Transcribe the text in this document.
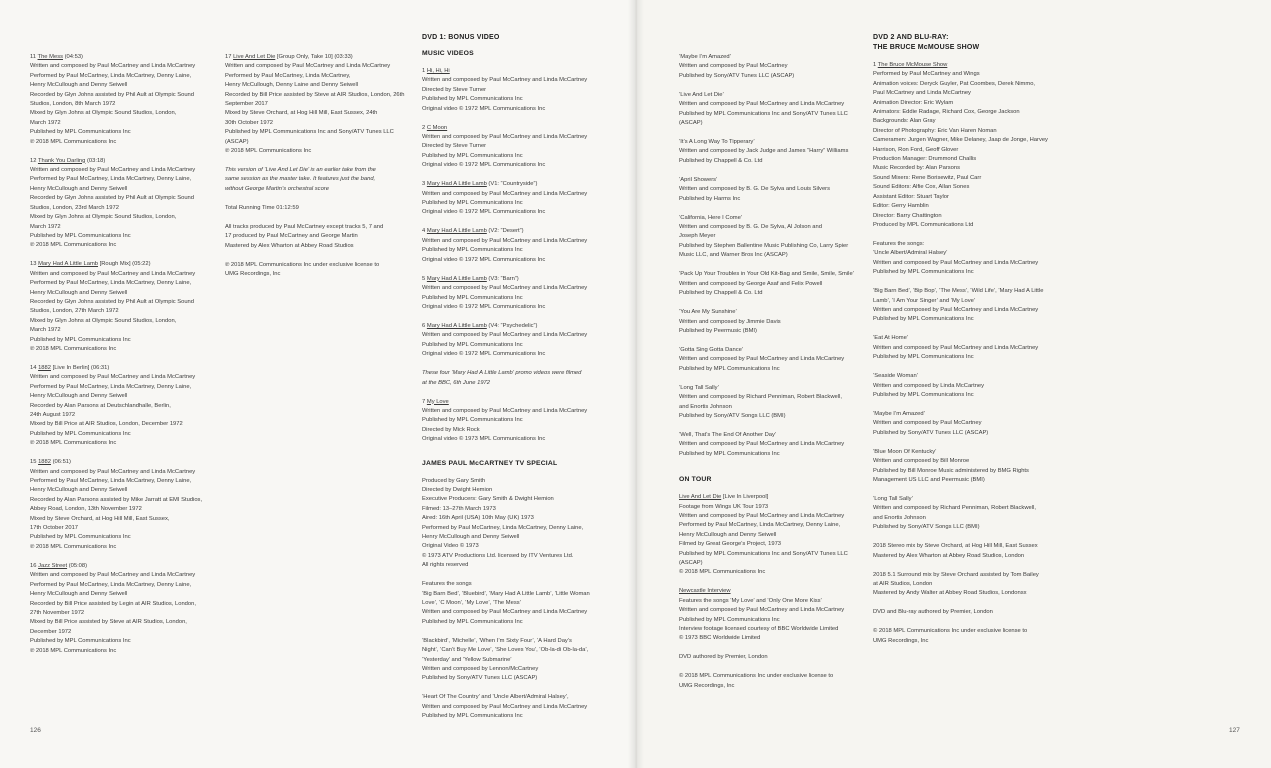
11 The Mess (04:53)
Written and composed by Paul McCartney and Linda McCartney
Performed by Paul McCartney, Linda McCartney, Denny Laine,
Henry McCullough and Denny Seiwell
Recorded by Glyn Johns assisted by Phil Ault at Olympic Sound
Studios, London, 8th March 1972
Mixed by Glyn Johns at Olympic Sound Studios, London,
March 1972
Published by MPL Communications Inc
℗ 2018 MPL Communications Inc
12 Thank You Darling (03:18)
Written and composed by Paul McCartney and Linda McCartney
Performed by Paul McCartney, Linda McCartney, Denny Laine,
Henry McCullough and Denny Seiwell
Recorded by Glyn Johns assisted by Phil Ault at Olympic Sound
Studios, London, 23rd March 1972
Mixed by Glyn Johns at Olympic Sound Studios, London,
March 1972
Published by MPL Communications Inc
℗ 2018 MPL Communications Inc
13 Mary Had A Little Lamb [Rough Mix] (05:22)
Written and composed by Paul McCartney and Linda McCartney
Performed by Paul McCartney, Linda McCartney, Denny Laine,
Henry McCullough and Denny Seiwell
Recorded by Glyn Johns assisted by Phil Ault at Olympic Sound
Studios, London, 27th March 1972
Mixed by Glyn Johns at Olympic Sound Studios, London,
March 1972
Published by MPL Communications Inc
℗ 2018 MPL Communications Inc
14 1882 [Live In Berlin] (06:31)
Written and composed by Paul McCartney and Linda McCartney
Performed by Paul McCartney, Linda McCartney, Denny Laine,
Henry McCullough and Denny Seiwell
Recorded by Alan Parsons at Deutschlandhalle, Berlin,
24th August 1972
Mixed by Bill Price at AIR Studios, London, December 1972
Published by MPL Communications Inc
℗ 2018 MPL Communications Inc
15 1882 (06:51)
Written and composed by Paul McCartney and Linda McCartney
Performed by Paul McCartney, Linda McCartney, Denny Laine,
Henry McCullough and Denny Seiwell
Recorded by Alan Parsons assisted by Mike Jarratt at EMI Studios,
Abbey Road, London, 13th November 1972
Mixed by Steve Orchard, at Hog Hill Mill, East Sussex,
17th October 2017
Published by MPL Communications Inc
℗ 2018 MPL Communications Inc
16 Jazz Street (05:08)
Written and composed by Paul McCartney and Linda McCartney
Performed by Paul McCartney, Linda McCartney, Denny Laine,
Henry McCullough and Denny Seiwell
Recorded by Bill Price assisted by Legin at AIR Studios, London,
27th November 1972
Mixed by Bill Price assisted by Steve at AIR Studios, London,
December 1972
Published by MPL Communications Inc
℗ 2018 MPL Communications Inc
17 Live And Let Die [Group Only, Take 10] (03:33)
Written and composed by Paul McCartney and Linda McCartney
Performed by Paul McCartney, Linda McCartney,
Henry McCullough, Denny Laine and Denny Seiwell
Recorded by Bill Price assisted by Steve at AIR Studios, London, 26th
September 2017
Mixed by Steve Orchard, at Hog Hill Mill, East Sussex, 24th
30th October 1972
Published by MPL Communications Inc and Sony/ATV Tunes LLC
(ASCAP)
℗ 2018 MPL Communications Inc
This version of ‘Live And Let Die’ is an earlier take from the
same session as the master take. It features just the band,
without George Martin’s orchestral score
Total Running Time 01:12:59
All tracks produced by Paul McCartney except tracks 5, 7 and
17 produced by Paul McCartney and George Martin
Mastered by Alex Wharton at Abbey Road Studios
℗ 2018 MPL Communications Inc under exclusive license to
UMG Recordings, Inc
DVD 1: BONUS VIDEO
MUSIC VIDEOS
1 Hi, Hi, Hi
Written and composed by Paul McCartney and Linda McCartney
Directed by Steve Turner
Published by MPL Communications Inc
Original video © 1972 MPL Communications Inc
2 C Moon
Written and composed by Paul McCartney and Linda McCartney
Directed by Steve Turner
Published by MPL Communications Inc
Original video © 1972 MPL Communications Inc
3 Mary Had A Little Lamb (V1: “Countryside”)
Written and composed by Paul McCartney and Linda McCartney
Published by MPL Communications Inc
Original video © 1972 MPL Communications Inc
4 Mary Had A Little Lamb (V2: “Desert”)
Written and composed by Paul McCartney and Linda McCartney
Published by MPL Communications Inc
Original video © 1972 MPL Communications Inc
5 Mary Had A Little Lamb (V3: “Barn”)
Written and composed by Paul McCartney and Linda McCartney
Published by MPL Communications Inc
Original video © 1972 MPL Communications Inc
6 Mary Had A Little Lamb (V4: “Psychedelic”)
Written and composed by Paul McCartney and Linda McCartney
Published by MPL Communications Inc
Original video © 1972 MPL Communications Inc
These four ‘Mary Had A Little Lamb’ promo videos were filmed
at the BBC, 6th June 1972
7 My Love
Written and composed by Paul McCartney and Linda McCartney
Published by MPL Communications Inc
Directed by Mick Rock
Original video © 1973 MPL Communications Inc
JAMES PAUL McCARTNEY TV SPECIAL
Produced by Gary Smith
Directed by Dwight Hemion
Executive Producers: Gary Smith & Dwight Hemion
Filmed: 13–27th March 1973
Aired: 16th April (USA) 10th May (UK) 1973
Performed by Paul McCartney, Linda McCartney, Denny Laine,
Henry McCullough and Denny Seiwell
Original Video © 1973
© 1973 ATV Productions Ltd. licensed by ITV Ventures Ltd.
All rights reserved
Features the songs
‘Big Barn Bed’, ‘Bluebird’, ‘Mary Had A Little Lamb’, ‘Little Woman
Love’, ‘C Moon’, ‘My Love’, ‘The Mess’
Written and composed by Paul McCartney and Linda McCartney
Published by MPL Communications Inc
‘Blackbird’, ‘Michelle’, ‘When I’m Sixty Four’, ‘A Hard Day’s
Night’, ‘Can’t Buy Me Love’, ‘She Loves You’, ‘Ob-la-di Ob-la-da’,
‘Yesterday’ and ‘Yellow Submarine’
Written and composed by Lennon/McCartney
Published by Sony/ATV Tunes LLC (ASCAP)
‘Heart Of The Country’ and ‘Uncle Albert/Admiral Halsey’,
Written and composed by Paul McCartney and Linda McCartney
Published by MPL Communications Inc
‘Maybe I’m Amazed’
Written and composed by Paul McCartney
Published by Sony/ATV Tunes LLC (ASCAP)
‘Live And Let Die’
Written and composed by Paul McCartney and Linda McCartney
Published by MPL Communications Inc and Sony/ATV Tunes LLC
(ASCAP)
‘It’s A Long Way To Tipperary’
Written and composed by Jack Judge and James “Harry” Williams
Published by Chappell & Co. Ltd
‘April Showers’
Written and composed by B. G. De Sylva and Louis Silvers
Published by Harms Inc
‘California, Here I Come’
Written and composed by B. G. De Sylva, Al Jolson and
Joseph Meyer
Published by Stephen Ballentine Music Publishing Co, Larry Spier
Music LLC, and Warner Bros Inc (ASCAP)
‘Pack Up Your Troubles in Your Old Kit-Bag and Smile, Smile, Smile’
Written and composed by George Asaf and Felix Powell
Published by Chappell & Co. Ltd
‘You Are My Sunshine’
Written and composed by Jimmie Davis
Published by Peermusic (BMI)
‘Gotta Sing Gotta Dance’
Written and composed by Paul McCartney and Linda McCartney
Published by MPL Communications Inc
‘Long Tall Sally’
Written and composed by Richard Penniman, Robert Blackwell,
and Enortis Johnson
Published by Sony/ATV Songs LLC (BMI)
‘Well, That’s The End Of Another Day’
Written and composed by Paul McCartney and Linda McCartney
Published by MPL Communications Inc
ON TOUR
Live And Let Die [Live In Liverpool]
Footage from Wings UK Tour 1973
Written and composed by Paul McCartney and Linda McCartney
Performed by Paul McCartney, Linda McCartney, Denny Laine,
Henry McCullough and Denny Seiwell
Filmed by Great George’s Project, 1973
Published by MPL Communications Inc and Sony/ATV Tunes LLC
(ASCAP)
© 2018 MPL Communications Inc
Newcastle Interview
Features the songs ‘My Love’ and ‘Only One More Kiss’
Written and composed by Paul McCartney and Linda McCartney
Published by MPL Communications Inc
Interview footage licensed courtesy of BBC Worldwide Limited
© 1973 BBC Worldwide Limited
DVD authored by Premier, London
© 2018 MPL Communications Inc under exclusive license to
UMG Recordings, Inc
DVD 2 AND BLU-RAY:
THE BRUCE McMOUSE SHOW
1 The Bruce McMouse Show
Performed by Paul McCartney and Wings
Animation voices: Deryck Guyler, Pat Coombes, Derek Nimmo,
Paul McCartney and Linda McCartney
Animation Director: Eric Wylam
Animators: Eddie Radage, Richard Cox, George Jackson
Backgrounds: Alan Gray
Director of Photography: Eric Van Haren Noman
Cameramen: Jurgen Wagner, Mike Delaney, Jaap de Jonge, Harvey
Harrison, Ron Ford, Geoff Glover
Production Manager: Drummond Challis
Music Recorded by: Alan Parsons
Sound Mixers: Rene Borisewitz, Paul Carr
Sound Editors: Alfie Cox, Allan Sones
Assistant Editor: Stuart Taylor
Editor: Gerry Hamblin
Director: Barry Chattington
Produced by MPL Communications Ltd
Features the songs:
‘Uncle Albert/Admiral Halsey’
Written and composed by Paul McCartney and Linda McCartney
Published by MPL Communications Inc
‘Big Barn Bed’, ‘Bip Bop’, ‘The Mess’, ‘Wild Life’, ‘Mary Had A Little
Lamb’, ‘I Am Your Singer’ and ‘My Love’
Written and composed by Paul McCartney and Linda McCartney
Published by MPL Communications Inc
‘Eat At Home’
Written and composed by Paul McCartney and Linda McCartney
Published by MPL Communications Inc
‘Seaside Woman’
Written and composed by Linda McCartney
Published by MPL Communications Inc
‘Maybe I’m Amazed’
Written and composed by Paul McCartney
Published by Sony/ATV Tunes LLC (ASCAP)
‘Blue Moon Of Kentucky’
Written and composed by Bill Monroe
Published by Bill Monroe Music administered by BMG Rights
Management US LLC and Peermusic (BMI)
‘Long Tall Sally’
Written and composed by Richard Penniman, Robert Blackwell,
and Enortis Johnson
Published by Sony/ATV Songs LLC (BMI)
2018 Stereo mix by Steve Orchard, at Hog Hill Mill, East Sussex
Mastered by Alex Wharton at Abbey Road Studios, London
2018 5.1 Surround mix by Steve Orchard assisted by Tom Bailey
at AIR Studios, London
Mastered by Andy Walter at Abbey Road Studios, Londonsx
DVD and Blu-ray authored by Premier, London
© 2018 MPL Communications Inc under exclusive license to
UMG Recordings, Inc
126	127
